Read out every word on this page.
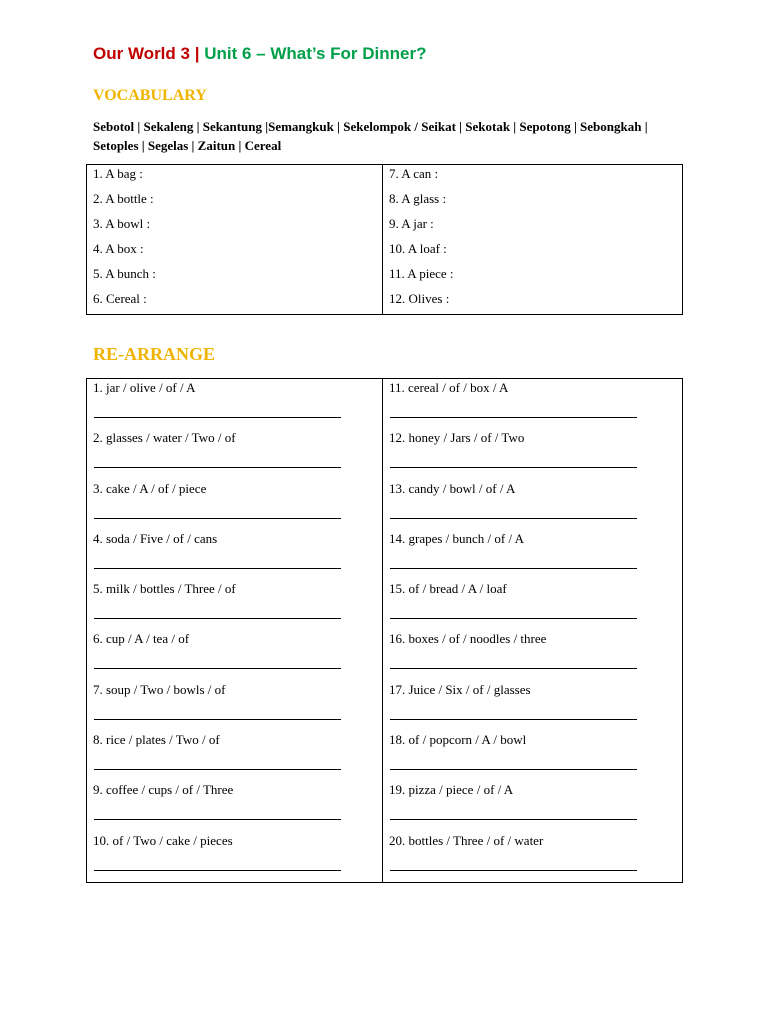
Our World 3 | Unit 6 – What’s For Dinner?
VOCABULARY
Sebotol | Sekaleng | Sekantung |Semangkuk | Sekelompok / Seikat | Sekotak | Sepotong | Sebongkah | Setoples | Segelas | Zaitun | Cereal
1. A bag :
2. A bottle :
3. A bowl :
4. A box :
5. A bunch :
6. Cereal :
7. A can :
8. A glass :
9. A jar :
10. A loaf :
11. A piece :
12. Olives :
RE-ARRANGE
1. jar / olive / of / A
2. glasses / water / Two / of
3. cake / A / of / piece
4. soda / Five / of / cans
5. milk / bottles / Three / of
6. cup / A / tea / of
7. soup / Two / bowls / of
8. rice / plates / Two / of
9. coffee / cups / of / Three
10. of / Two / cake / pieces
11. cereal / of / box / A
12. honey / Jars / of / Two
13. candy / bowl / of / A
14. grapes / bunch / of / A
15. of / bread / A / loaf
16. boxes / of / noodles / three
17. Juice / Six / of / glasses
18. of / popcorn / A / bowl
19. pizza / piece / of / A
20. bottles / Three / of / water
